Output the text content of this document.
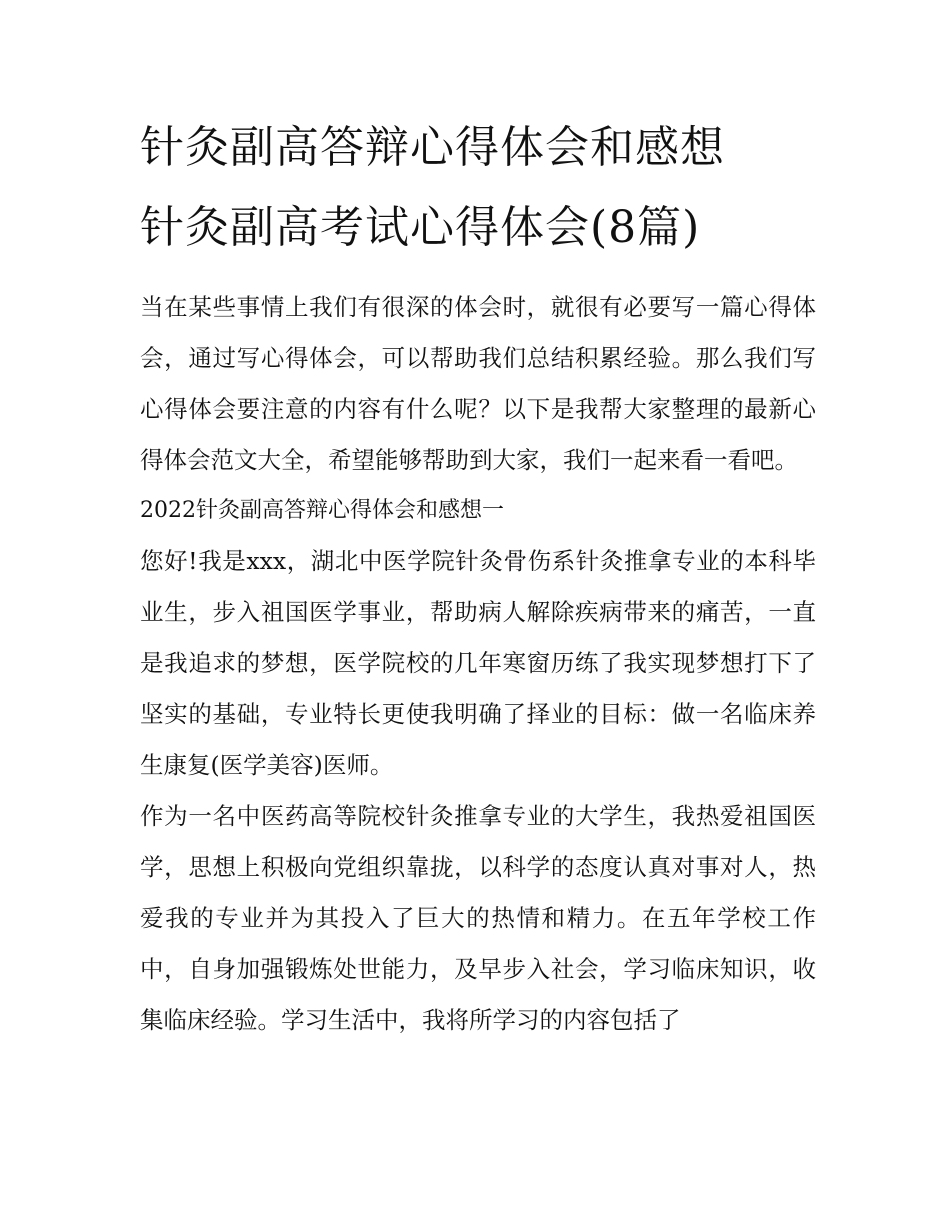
针灸副高答辩心得体会和感想
针灸副高考试心得体会(8篇)

当在某些事情上我们有很深的体会时，就很有必要写一篇心得体会，通过写心得体会，可以帮助我们总结积累经验。那么我们写心得体会要注意的内容有什么呢？以下是我帮大家整理的最新心得体会范文大全，希望能够帮助到大家，我们一起来看一看吧。

2022针灸副高答辩心得体会和感想一

您好!我是xxx，湖北中医学院针灸骨伤系针灸推拿专业的本科毕业生，步入祖国医学事业，帮助病人解除疾病带来的痛苦，一直是我追求的梦想，医学院校的几年寒窗历练了我实现梦想打下了坚实的基础，专业特长更使我明确了择业的目标：做一名临床养生康复(医学美容)医师。

作为一名中医药高等院校针灸推拿专业的大学生，我热爱祖国医学，思想上积极向党组织靠拢，以科学的态度认真对事对人，热爱我的专业并为其投入了巨大的热情和精力。在五年学校工作中，自身加强锻炼处世能力，及早步入社会，学习临床知识，收集临床经验。学习生活中，我将所学习的内容包括了
